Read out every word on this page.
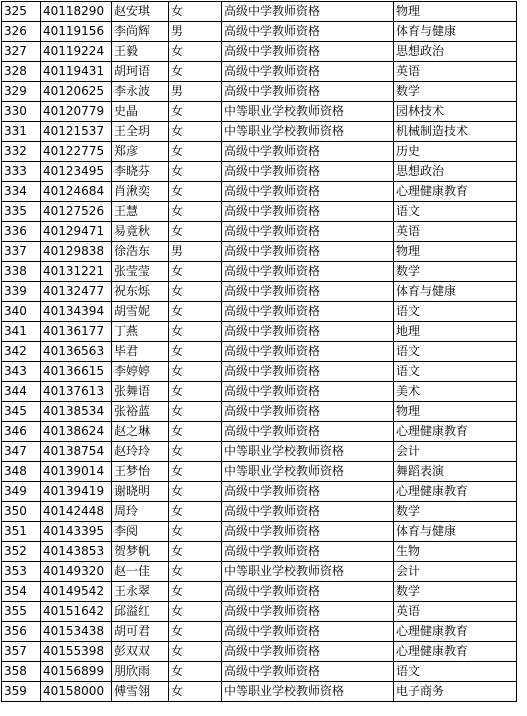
325	40118290	赵安琪	女	高级中学教师资格	物理
326	40119156	李尚辉	男	高级中学教师资格	体育与健康
327	40119224	王毅	女	高级中学教师资格	思想政治
328	40119431	胡珂语	女	高级中学教师资格	英语
329	40120625	李永波	男	高级中学教师资格	数学
330	40120779	史晶	女	中等职业学校教师资格	园林技术
331	40121537	王全玥	女	中等职业学校教师资格	机械制造技术
332	40122775	郑彦	女	高级中学教师资格	历史
333	40123495	李晓芬	女	高级中学教师资格	思想政治
334	40124684	肖湫奕	女	高级中学教师资格	心理健康教育
335	40127526	王慧	女	高级中学教师资格	语文
336	40129471	易竟秋	女	高级中学教师资格	英语
337	40129838	徐浩东	男	高级中学教师资格	物理
338	40131221	张莹莹	女	高级中学教师资格	数学
339	40132477	祝东烁	女	高级中学教师资格	体育与健康
340	40134394	胡雪妮	女	高级中学教师资格	语文
341	40136177	丁燕	女	高级中学教师资格	地理
342	40136563	毕君	女	高级中学教师资格	语文
343	40136615	李婷婷	女	高级中学教师资格	语文
344	40137613	张舞语	女	高级中学教师资格	美术
345	40138534	张裕蓝	女	高级中学教师资格	物理
346	40138624	赵之琳	女	高级中学教师资格	心理健康教育
347	40138754	赵玲玲	女	中等职业学校教师资格	会计
348	40139014	王梦怡	女	中等职业学校教师资格	舞蹈表演
349	40139419	谢晓明	女	高级中学教师资格	心理健康教育
350	40142448	周玲	女	高级中学教师资格	数学
351	40143395	李阅	女	高级中学教师资格	体育与健康
352	40143853	贺梦帆	女	高级中学教师资格	生物
353	40149320	赵一佳	女	中等职业学校教师资格	会计
354	40149542	王永翠	女	高级中学教师资格	数学
355	40151642	邱溢红	女	高级中学教师资格	英语
356	40153438	胡可君	女	高级中学教师资格	心理健康教育
357	40155398	彭双双	女	高级中学教师资格	心理健康教育
358	40156899	朋欣雨	女	高级中学教师资格	语文
359	40158000	傅雪翎	女	中等职业学校教师资格	电子商务
